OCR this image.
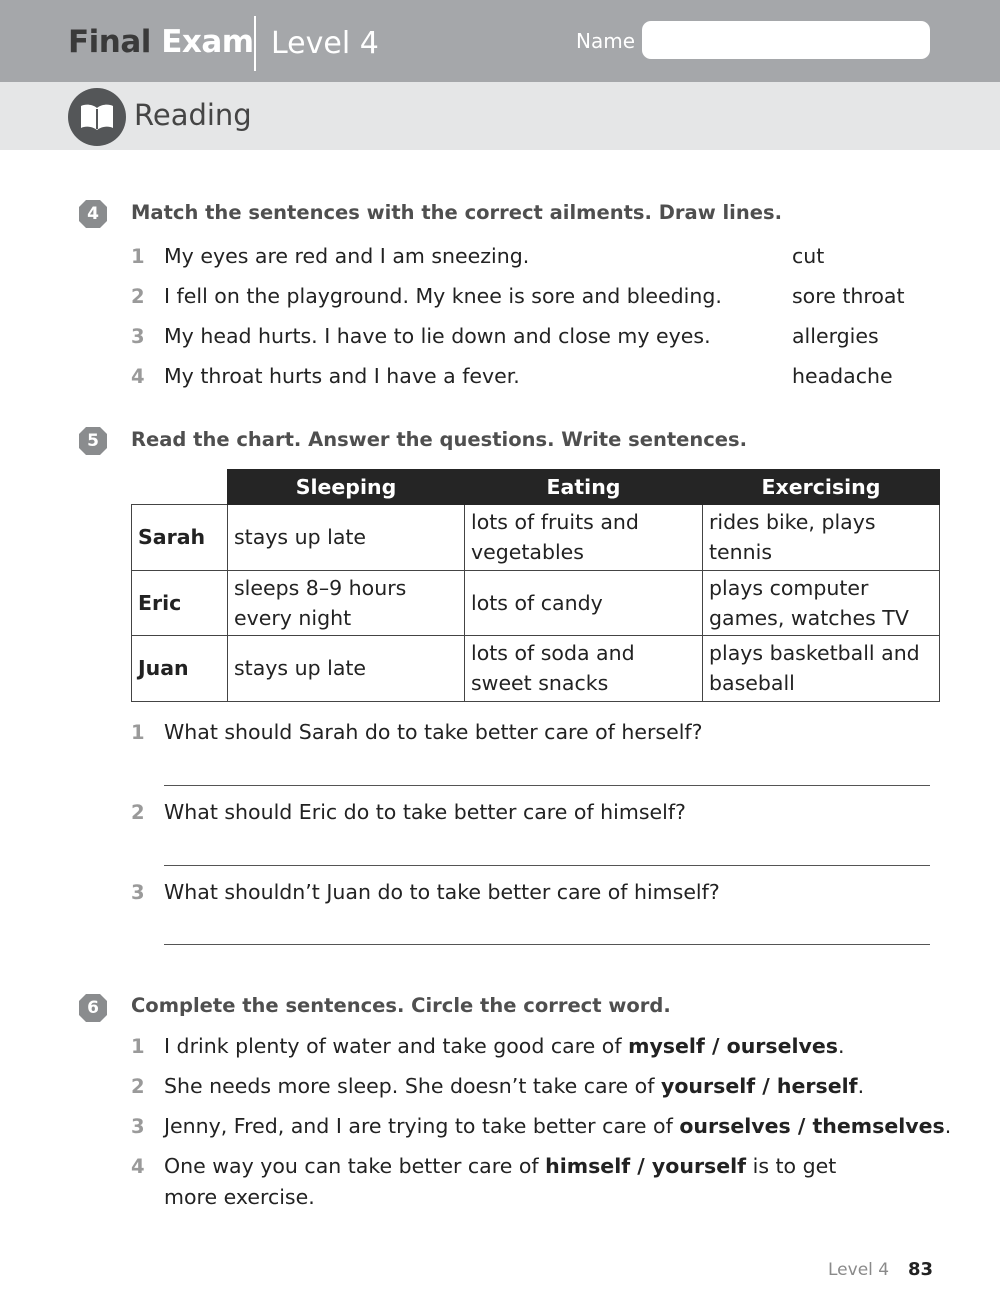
Final Exam Level 4	Name
Reading
4 Match the sentences with the correct ailments. Draw lines.
1 My eyes are red and I am sneezing.	cut
2 I fell on the playground. My knee is sore and bleeding.	sore throat
3 My head hurts. I have to lie down and close my eyes.	allergies
4 My throat hurts and I have a fever.	headache
5 Read the chart. Answer the questions. Write sentences.
	Sleeping	Eating	Exercising
Sarah	stays up late	lots of fruits and vegetables	rides bike, plays tennis
Eric	sleeps 8–9 hours every night	lots of candy	plays computer games, watches TV
Juan	stays up late	lots of soda and sweet snacks	plays basketball and baseball
1 What should Sarah do to take better care of herself?
2 What should Eric do to take better care of himself?
3 What shouldn’t Juan do to take better care of himself?
6 Complete the sentences. Circle the correct word.
1 I drink plenty of water and take good care of myself / ourselves.
2 She needs more sleep. She doesn’t take care of yourself / herself.
3 Jenny, Fred, and I are trying to take better care of ourselves / themselves.
4 One way you can take better care of himself / yourself is to get
more exercise.
Level 4 83
